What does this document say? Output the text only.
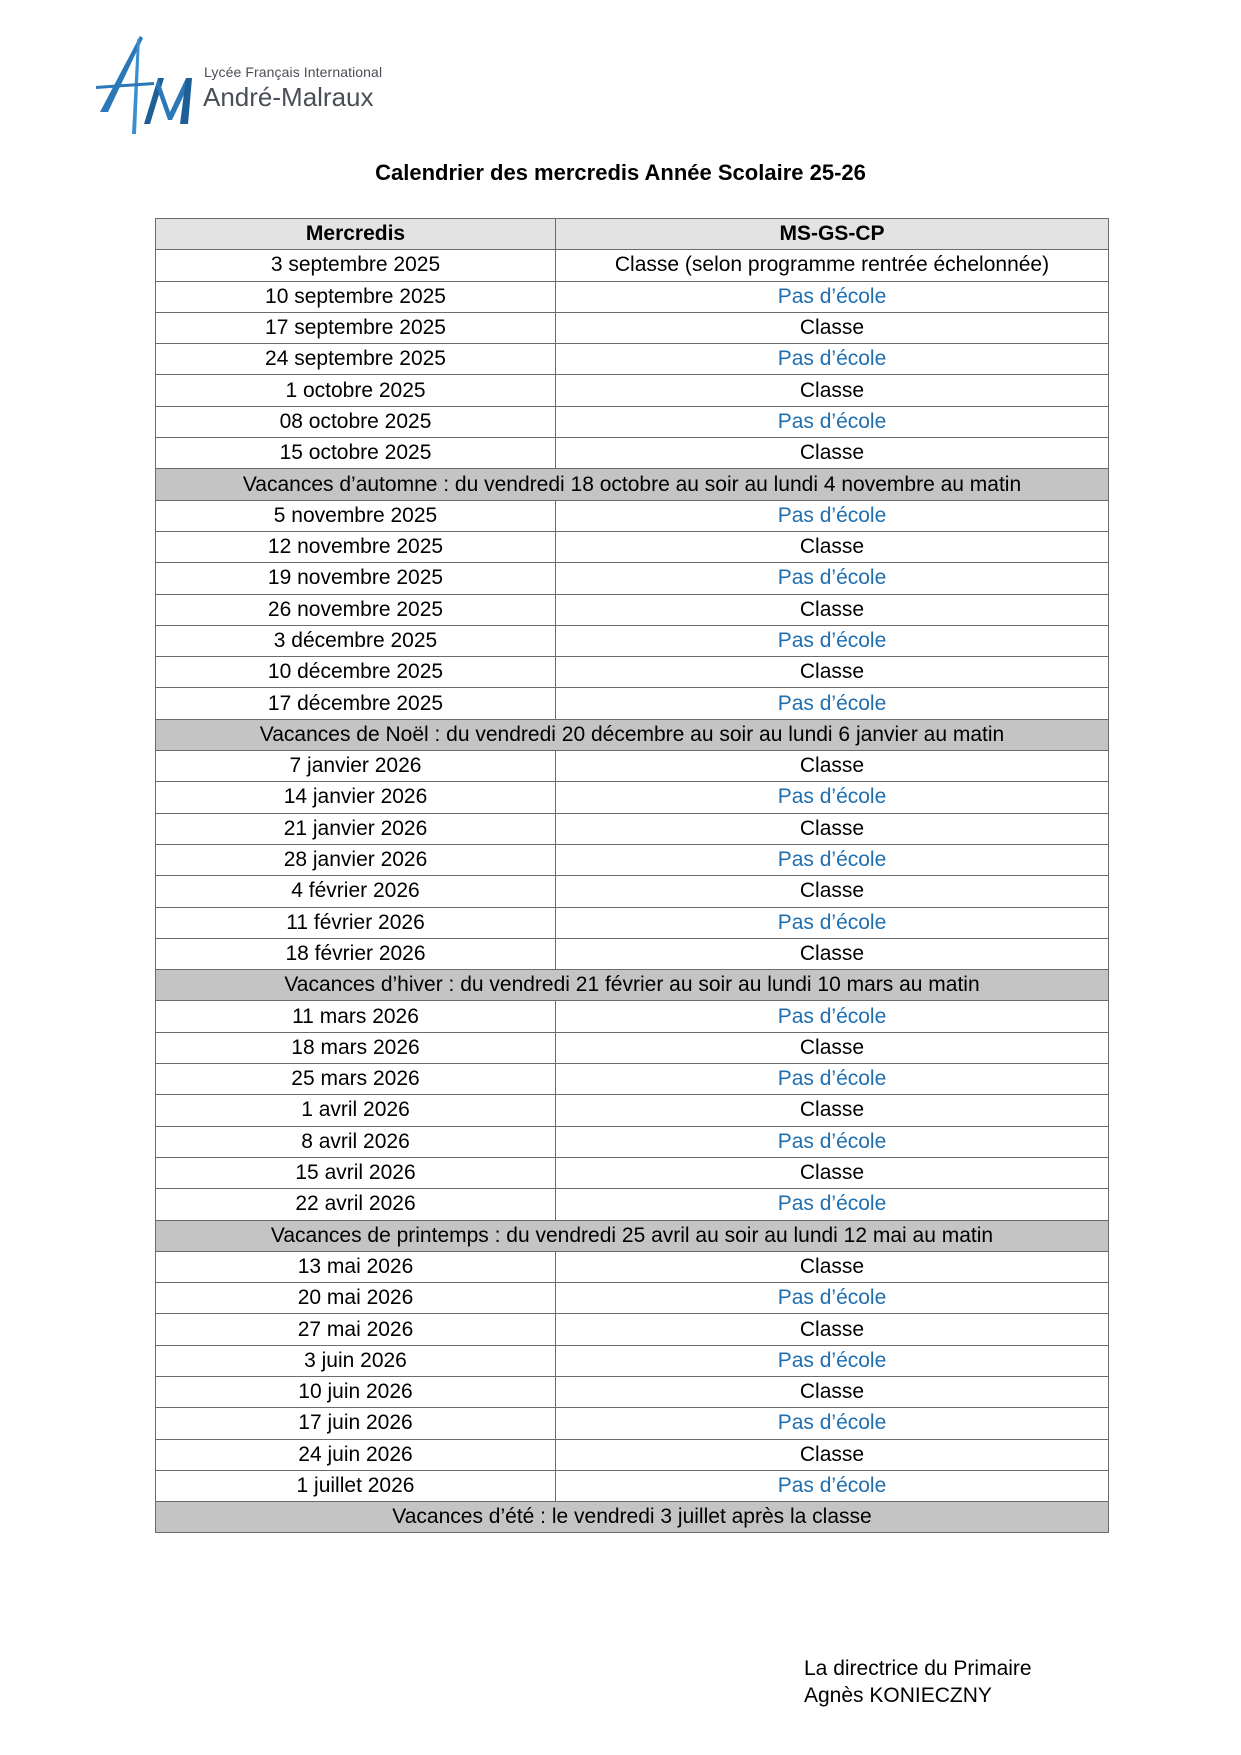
Lycée Français International
André-Malraux
Calendrier des mercredis Année Scolaire 25-26
Mercredis	MS-GS-CP
3 septembre 2025	Classe (selon programme rentrée échelonnée)
10 septembre 2025	Pas d’école
17 septembre 2025	Classe
24 septembre 2025	Pas d’école
1 octobre 2025	Classe
08 octobre 2025	Pas d’école
15 octobre 2025	Classe
Vacances d’automne : du vendredi 18 octobre au soir au lundi 4 novembre au matin	
5 novembre 2025	Pas d’école
12 novembre 2025	Classe
19 novembre 2025	Pas d’école
26 novembre 2025	Classe
3 décembre 2025	Pas d’école
10 décembre 2025	Classe
17 décembre 2025	Pas d’école
Vacances de Noël : du vendredi 20 décembre au soir au lundi 6 janvier au matin	
7 janvier 2026	Classe
14 janvier 2026	Pas d’école
21 janvier 2026	Classe
28 janvier 2026	Pas d’école
4 février 2026	Classe
11 février 2026	Pas d’école
18 février 2026	Classe
Vacances d’hiver : du vendredi 21 février au soir au lundi 10 mars au matin	
11 mars 2026	Pas d’école
18 mars 2026	Classe
25 mars 2026	Pas d’école
1 avril 2026	Classe
8 avril 2026	Pas d’école
15 avril 2026	Classe
22 avril 2026	Pas d’école
Vacances de printemps : du vendredi 25 avril au soir au lundi 12 mai au matin	
13 mai 2026	Classe
20 mai 2026	Pas d’école
27 mai 2026	Classe
3 juin 2026	Pas d’école
10 juin 2026	Classe
17 juin 2026	Pas d’école
24 juin 2026	Classe
1 juillet 2026	Pas d’école
Vacances d’été : le vendredi 3 juillet après la classe	
La directrice du Primaire
Agnès KONIECZNY
